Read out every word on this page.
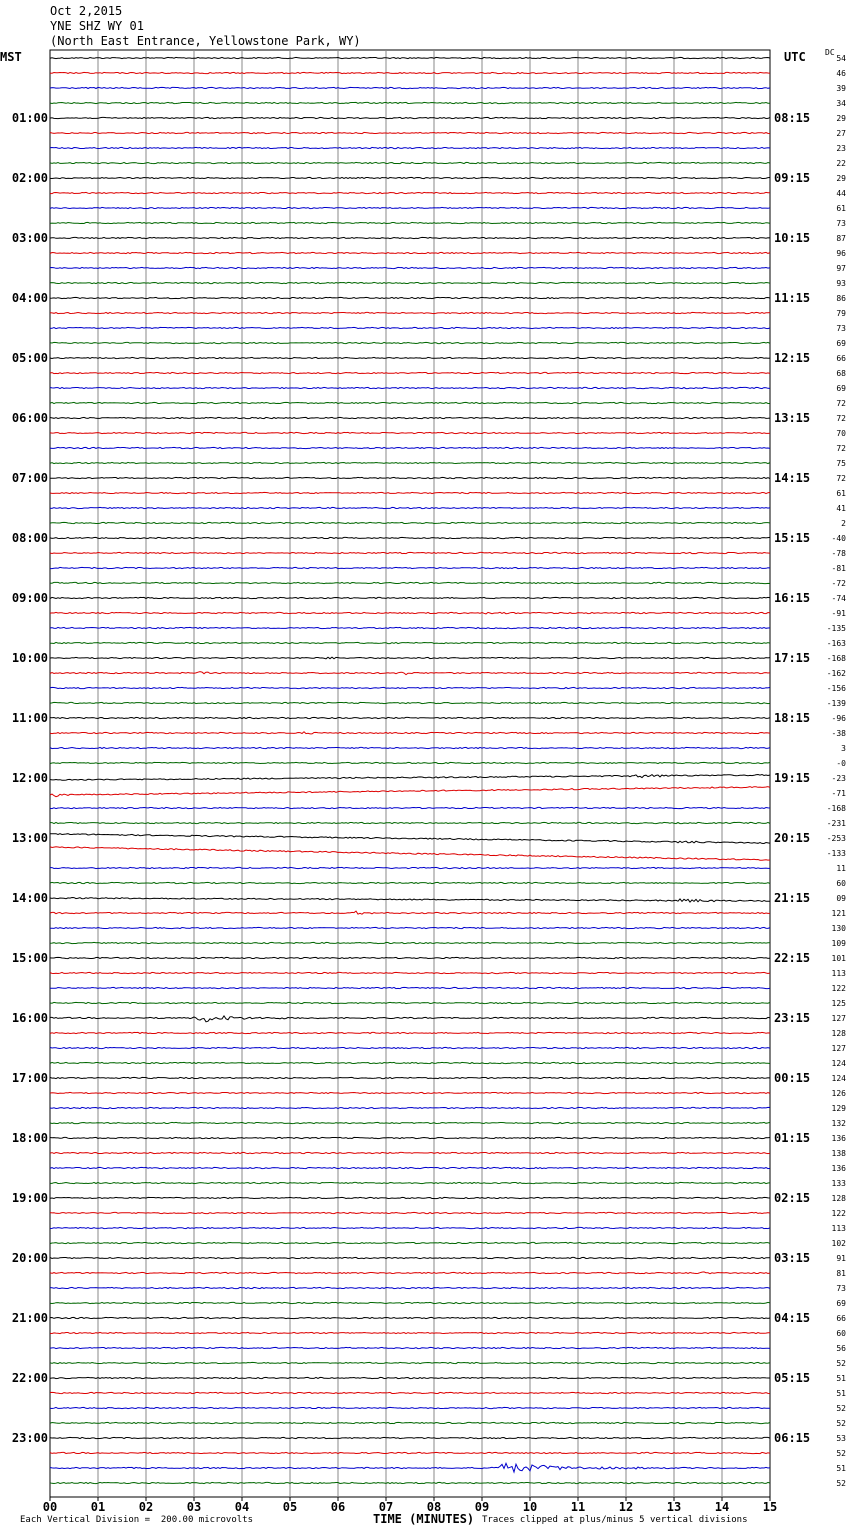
Oct 2,2015
YNE SHZ WY 01
(North East Entrance, Yellowstone Park, WY)
MST	UTC DC
54
46
39
34
29
27
23
22
29
44
61
73
87
96
97
93
86
79
73
69
66
68
69
72
72
70
72
75
72
61
41
2
-40
-78
-81
-72
-74
-91
-135
-163
-168
-162
-156
-139
-96
-38
3
-0
-23
-71
-168
-231
-253
-133
11
60
09
121
130
109
101
113
122
125
127
128
127
124
124
126
129
132
136
138
136
133
128
122
113
102
91
81
73
69
66
60
56
52
51
51
52
52
53
52
51
52
01:00
02:00
03:00
04:00
05:00
06:00
07:00
08:00
09:00
10:00
11:00
12:00
13:00
14:00
15:00
16:00
17:00
18:00
19:00
20:00
21:00
22:00
23:00
08:15
09:15
10:15
11:15
12:15
13:15
14:15
15:15
16:15
17:15
18:15
19:15
20:15
21:15
22:15
23:15
00:15
01:15
02:15
03:15
04:15
05:15
06:15
00	01	02	03	04	05	06	07	08	09	10	11	12	13	14	15
Each Vertical Division =  200.00 microvolts	TIME (MINUTES) Traces clipped at plus/minus 5 vertical divisions
